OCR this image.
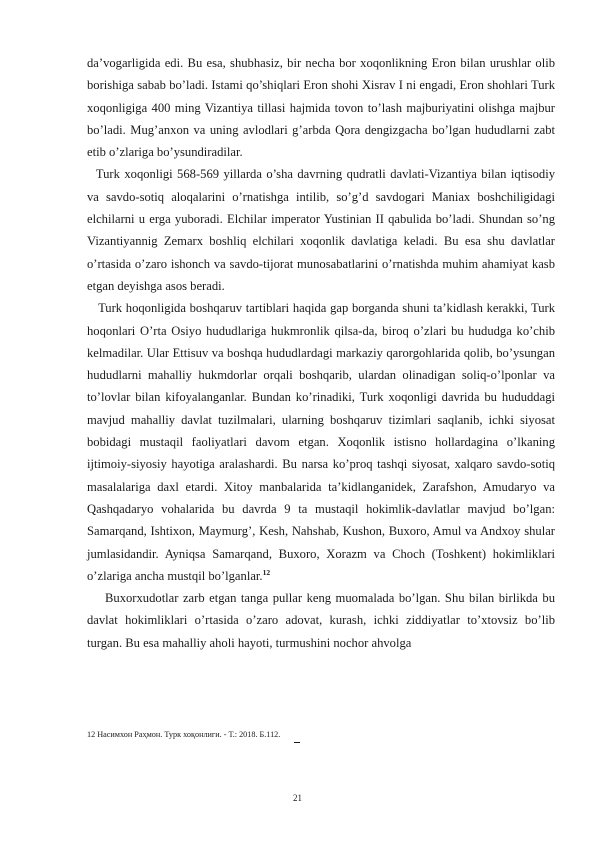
da’vogarligida edi. Bu esa, shubhasiz, bir necha bor xoqonlikning Eron bilan urushlar olib borishiga sabab bo’ladi. Istami qo’shiqlari Eron shohi Xisrav I ni engadi, Eron shohlari Turk xoqonligiga 400 ming Vizantiya tillasi hajmida tovon to’lash majburiyatini olishga majbur bo’ladi. Mug’anxon va uning avlodlari g’arbda Qora dengizgacha bo’lgan hududlarni zabt etib o’zlariga bo’ysundiradilar.

Turk xoqonligi 568-569 yillarda o’sha davrning qudratli davlati-Vizantiya bilan iqtisodiy va savdo-sotiq aloqalarini o’rnatishga intilib, so’g’d savdogari Maniax boshchiligidagi elchilarni u erga yuboradi. Elchilar imperator Yustinian II qabulida bo’ladi. Shundan so’ng Vizantiyannig Zemarx boshliq elchilari xoqonlik davlatiga keladi. Bu esa shu davlatlar o’rtasida o’zaro ishonch va savdo-tijorat munosabatlarini o’rnatishda muhim ahamiyat kasb etgan deyishga asos beradi.

Turk hoqonligida boshqaruv tartiblari haqida gap borganda shuni ta’kidlash kerakki, Turk hoqonlari O’rta Osiyo hududlariga hukmronlik qilsa-da, biroq o’zlari bu hududga ko’chib kelmadilar. Ular Ettisuv va boshqa hududlardagi markaziy qarorgohlarida qolib, bo’ysungan hududlarni mahalliy hukmdorlar orqali boshqarib, ulardan olinadigan soliq-o’lponlar va to’lovlar bilan kifoyalanganlar. Bundan ko’rinadiki, Turk xoqonligi davrida bu hududdagi mavjud mahalliy davlat tuzilmalari, ularning boshqaruv tizimlari saqlanib, ichki siyosat bobidagi mustaqil faoliyatlari davom etgan. Xoqonlik istisno hollardagina o’lkaning ijtimoiy-siyosiy hayotiga aralashardi. Bu narsa ko’proq tashqi siyosat, xalqaro savdo-sotiq masalalariga daxl etardi. Xitoy manbalarida ta’kidlanganidek, Zarafshon, Amudaryo va Qashqadaryo vohalarida bu davrda 9 ta mustaqil hokimlik-davlatlar mavjud bo’lgan: Samarqand, Ishtixon, Maymurg’, Kesh, Nahshab, Kushon, Buxoro, Amul va Andxoy shular jumlasidandir. Ayniqsa Samarqand, Buxoro, Xorazm va Choch (Toshkent) hokimliklari o’zlariga ancha mustqil bo’lganlar.$^{12}$

Buxorxudotlar zarb etgan tanga pullar keng muomalada bo’lgan. Shu bilan birlikda bu davlat hokimliklari o’rtasida o’zaro adovat, kurash, ichki ziddiyatlar to’xtovsiz bo’lib turgan. Bu esa mahalliy aholi hayoti, turmushini nochor ahvolga

12 Насимхон Раҳмон. Турк хоқонлиги. - Т.: 2018. Б.112.
21
